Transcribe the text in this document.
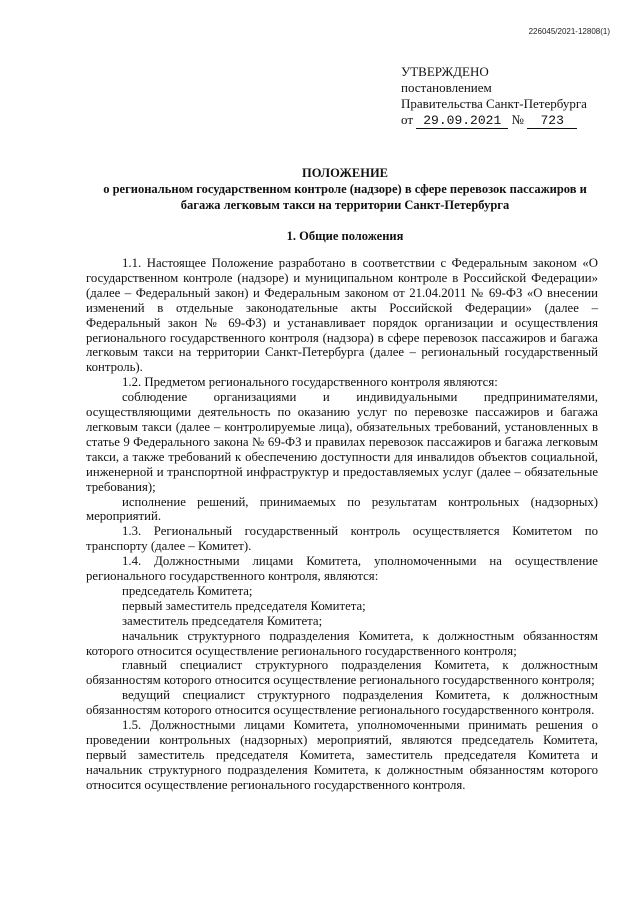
226045/2021-12808(1)
УТВЕРЖДЕНО
постановлением
Правительства Санкт-Петербурга
от 29.09.2021 № 723
ПОЛОЖЕНИЕ
о региональном государственном контроле (надзоре) в сфере перевозок пассажиров и багажа легковым такси на территории Санкт-Петербурга
1. Общие положения

1.1. Настоящее Положение разработано в соответствии с Федеральным законом «О государственном контроле (надзоре) и муниципальном контроле в Российской Федерации» (далее – Федеральный закон) и Федеральным законом от 21.04.2011 № 69-ФЗ «О внесении изменений в отдельные законодательные акты Российской Федерации» (далее – Федеральный закон № 69-ФЗ) и устанавливает порядок организации и осуществления регионального государственного контроля (надзора) в сфере перевозок пассажиров и багажа легковым такси на территории Санкт-Петербурга (далее – региональный государственный контроль).

1.2. Предметом регионального государственного контроля являются:

соблюдение организациями и индивидуальными предпринимателями, осуществляющими деятельность по оказанию услуг по перевозке пассажиров и багажа легковым такси (далее – контролируемые лица), обязательных требований, установленных в статье 9 Федерального закона № 69-ФЗ и правилах перевозок пассажиров и багажа легковым такси, а также требований к обеспечению доступности для инвалидов объектов социальной, инженерной и транспортной инфраструктур и предоставляемых услуг (далее – обязательные требования);

исполнение решений, принимаемых по результатам контрольных (надзорных) мероприятий.

1.3. Региональный государственный контроль осуществляется Комитетом по транспорту (далее – Комитет).

1.4. Должностными лицами Комитета, уполномоченными на осуществление регионального государственного контроля, являются:

председатель Комитета;

первый заместитель председателя Комитета;

заместитель председателя Комитета;

начальник структурного подразделения Комитета, к должностным обязанностям которого относится осуществление регионального государственного контроля;

главный специалист структурного подразделения Комитета, к должностным обязанностям которого относится осуществление регионального государственного контроля;

ведущий специалист структурного подразделения Комитета, к должностным обязанностям которого относится осуществление регионального государственного контроля.

1.5. Должностными лицами Комитета, уполномоченными принимать решения о проведении контрольных (надзорных) мероприятий, являются председатель Комитета, первый заместитель председателя Комитета, заместитель председателя Комитета и начальник структурного подразделения Комитета, к должностным обязанностям которого относится осуществление регионального государственного контроля.
